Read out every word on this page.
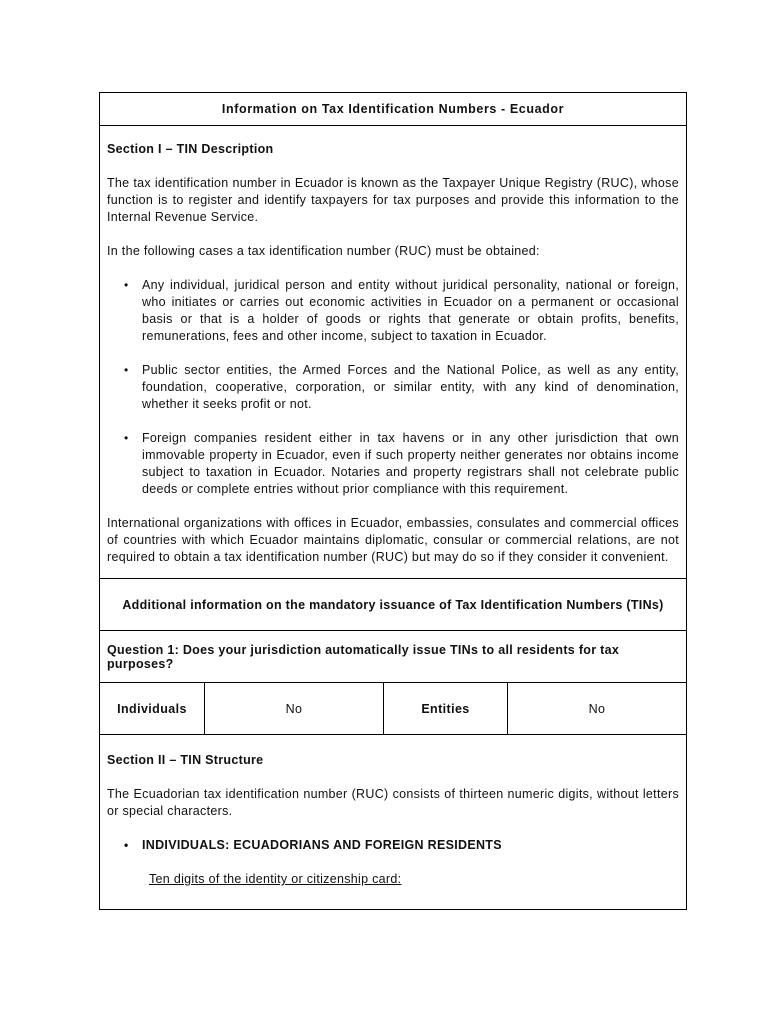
Information on Tax Identification Numbers - Ecuador
Section I – TIN Description

The tax identification number in Ecuador is known as the Taxpayer Unique Registry (RUC), whose function is to register and identify taxpayers for tax purposes and provide this information to the Internal Revenue Service.

In the following cases a tax identification number (RUC) must be obtained:

• Any individual, juridical person and entity without juridical personality, national or foreign, who initiates or carries out economic activities in Ecuador on a permanent or occasional basis or that is a holder of goods or rights that generate or obtain profits, benefits, remunerations, fees and other income, subject to taxation in Ecuador.
• Public sector entities, the Armed Forces and the National Police, as well as any entity, foundation, cooperative, corporation, or similar entity, with any kind of denomination, whether it seeks profit or not.
• Foreign companies resident either in tax havens or in any other jurisdiction that own immovable property in Ecuador, even if such property neither generates nor obtains income subject to taxation in Ecuador. Notaries and property registrars shall not celebrate public deeds or complete entries without prior compliance with this requirement.

International organizations with offices in Ecuador, embassies, consulates and commercial offices of countries with which Ecuador maintains diplomatic, consular or commercial relations, are not required to obtain a tax identification number (RUC) but may do so if they consider it convenient.

Additional information on the mandatory issuance of Tax Identification Numbers (TINs)
Question 1: Does your jurisdiction automatically issue TINs to all residents for tax purposes?
Individuals	No	Entities	No
Section II – TIN Structure

The Ecuadorian tax identification number (RUC) consists of thirteen numeric digits, without letters or special characters.

• INDIVIDUALS: ECUADORIANS AND FOREIGN RESIDENTS
Ten digits of the identity or citizenship card:
